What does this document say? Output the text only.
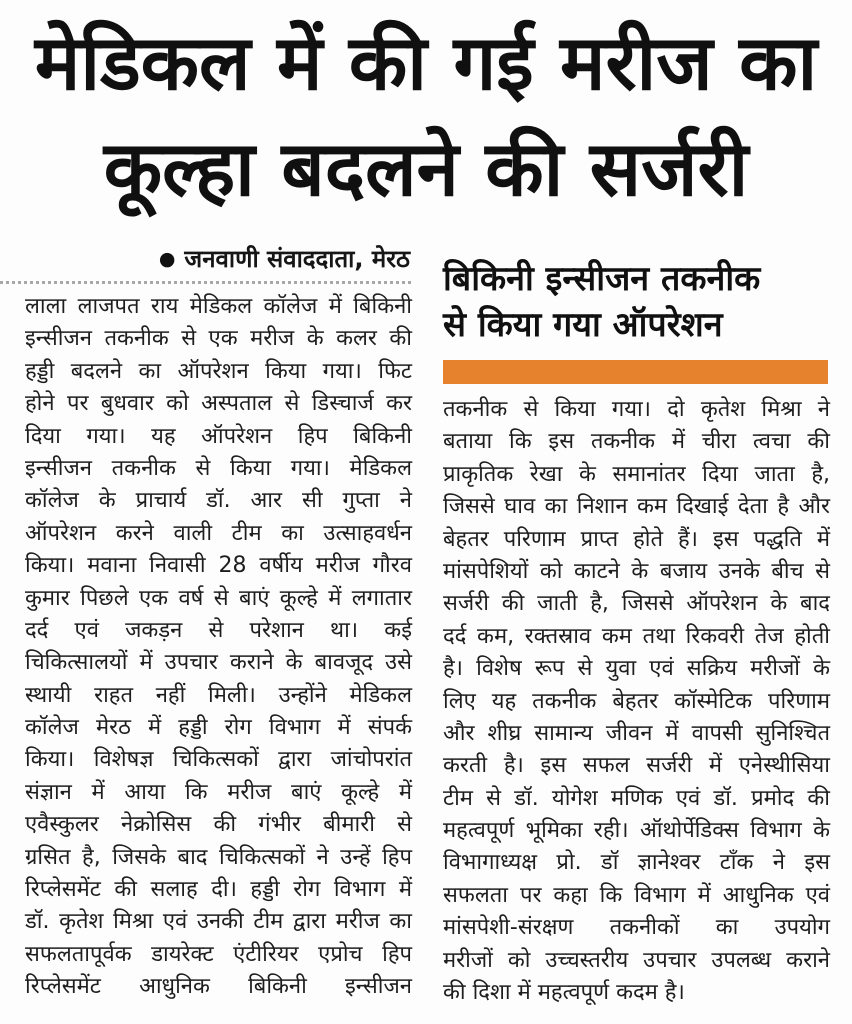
मेडिकल में की गई मरीज का
कूल्हा बदलने की सर्जरी
● जनवाणी संवाददाता, मेरठ
लाला लाजपत राय मेडिकल कॉलेज में बिकिनी
इन्सीजन तकनीक से एक मरीज के कलर की
हड्डी बदलने का ऑपरेशन किया गया। फिट
होने पर बुधवार को अस्पताल से डिस्चार्ज कर
दिया गया। यह ऑपरेशन हिप बिकिनी
इन्सीजन तकनीक से किया गया। मेडिकल
कॉलेज के प्राचार्य डॉ. आर सी गुप्ता ने
ऑपरेशन करने वाली टीम का उत्साहवर्धन
किया। मवाना निवासी 28 वर्षीय मरीज गौरव
कुमार पिछले एक वर्ष से बाएं कूल्हे में लगातार
दर्द एवं जकड़न से परेशान था। कई
चिकित्सालयों में उपचार कराने के बावजूद उसे
स्थायी राहत नहीं मिली। उन्होंने मेडिकल
कॉलेज मेरठ में हड्डी रोग विभाग में संपर्क
किया। विशेषज्ञ चिकित्सकों द्वारा जांचोपरांत
संज्ञान में आया कि मरीज बाएं कूल्हे में
एवैस्कुलर नेक्रोसिस की गंभीर बीमारी से
ग्रसित है, जिसके बाद चिकित्सकों ने उन्हें हिप
रिप्लेसमेंट की सलाह दी। हड्डी रोग विभाग में
डॉ. कृतेश मिश्रा एवं उनकी टीम द्वारा मरीज का
सफलतापूर्वक डायरेक्ट एंटीरियर एप्रोच हिप
रिप्लेसमेंट आधुनिक बिकिनी इन्सीजन
बिकिनी इन्सीजन तकनीक
से किया गया ऑपरेशन
तकनीक से किया गया। दो कृतेश मिश्रा ने
बताया कि इस तकनीक में चीरा त्वचा की
प्राकृतिक रेखा के समानांतर दिया जाता है,
जिससे घाव का निशान कम दिखाई देता है और
बेहतर परिणाम प्राप्त होते हैं। इस पद्धति में
मांसपेशियों को काटने के बजाय उनके बीच से
सर्जरी की जाती है, जिससे ऑपरेशन के बाद
दर्द कम, रक्तस्राव कम तथा रिकवरी तेज होती
है। विशेष रूप से युवा एवं सक्रिय मरीजों के
लिए यह तकनीक बेहतर कॉस्मेटिक परिणाम
और शीघ्र सामान्य जीवन में वापसी सुनिश्चित
करती है। इस सफल सर्जरी में एनेस्थीसिया
टीम से डॉ. योगेश मणिक एवं डॉ. प्रमोद की
महत्वपूर्ण भूमिका रही। ऑथोर्पेडिक्स विभाग के
विभागाध्यक्ष प्रो. डॉ ज्ञानेश्वर टाँक ने इस
सफलता पर कहा कि विभाग में आधुनिक एवं
मांसपेशी-संरक्षण तकनीकों का उपयोग
मरीजों को उच्चस्तरीय उपचार उपलब्ध कराने
की दिशा में महत्वपूर्ण कदम है।
